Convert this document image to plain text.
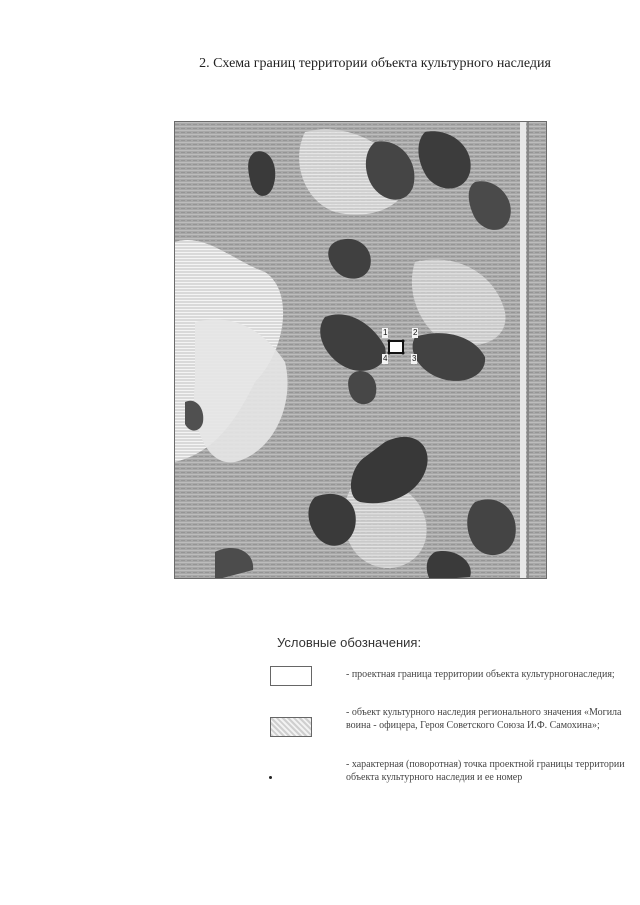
2. Схема границ территории объекта культурного наследия
1	2
3
4
Условные обозначения:
- проектная граница территории объекта культурногонаследия;
- объект культурного наследия регионального значения «Могила воина - офицера, Героя Советского Союза И.Ф. Самохина»;
- характерная (поворотная) точка проектной границы территории объекта культурного наследия и ее номер
